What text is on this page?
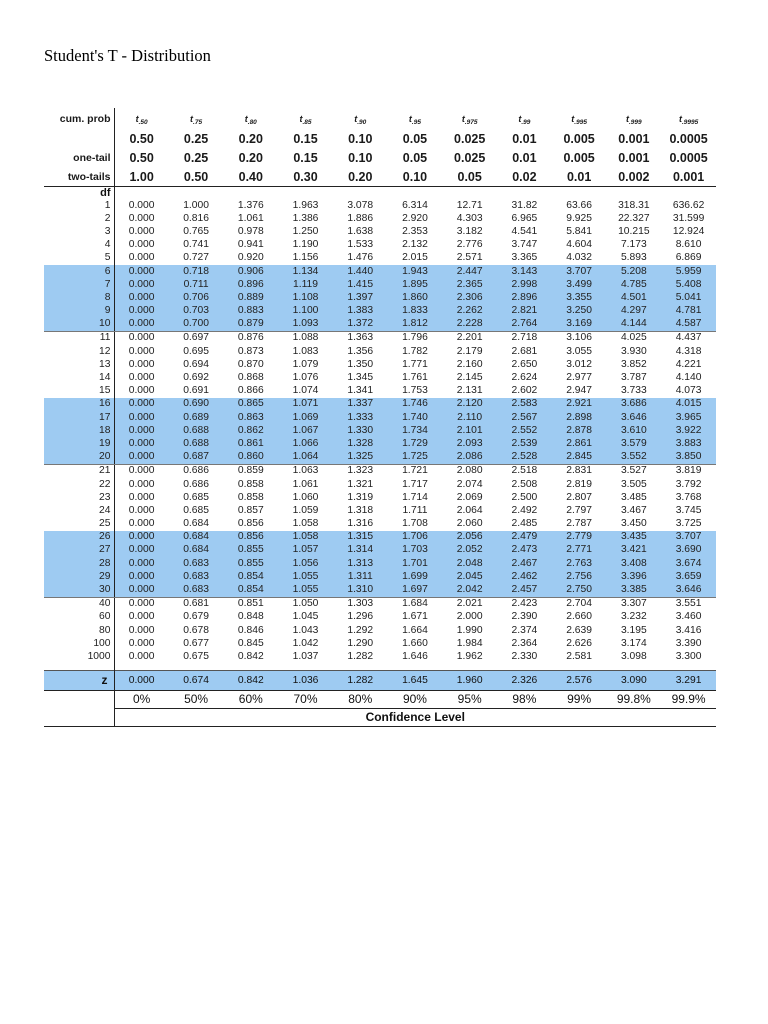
Student's T - Distribution
cum. prob	$t_{.50}$	$t_{.75}$	$t_{.80}$	$t_{.85}$	$t_{.90}$	$t_{.95}$	$t_{.975}$	$t_{.99}$	$t_{.995}$	$t_{.999}$	$t_{.9995}$
	0.50	0.25	0.20	0.15	0.10	0.05	0.025	0.01	0.005	0.001	0.0005
one-tail	0.50	0.25	0.20	0.15	0.10	0.05	0.025	0.01	0.005	0.001	0.0005
two-tails	1.00	0.50	0.40	0.30	0.20	0.10	0.05	0.02	0.01	0.002	0.001
df											
1	0.000	1.000	1.376	1.963	3.078	6.314	12.71	31.82	63.66	318.31	636.62
2	0.000	0.816	1.061	1.386	1.886	2.920	4.303	6.965	9.925	22.327	31.599
3	0.000	0.765	0.978	1.250	1.638	2.353	3.182	4.541	5.841	10.215	12.924
4	0.000	0.741	0.941	1.190	1.533	2.132	2.776	3.747	4.604	7.173	8.610
5	0.000	0.727	0.920	1.156	1.476	2.015	2.571	3.365	4.032	5.893	6.869
6	0.000	0.718	0.906	1.134	1.440	1.943	2.447	3.143	3.707	5.208	5.959
7	0.000	0.711	0.896	1.119	1.415	1.895	2.365	2.998	3.499	4.785	5.408
8	0.000	0.706	0.889	1.108	1.397	1.860	2.306	2.896	3.355	4.501	5.041
9	0.000	0.703	0.883	1.100	1.383	1.833	2.262	2.821	3.250	4.297	4.781
10	0.000	0.700	0.879	1.093	1.372	1.812	2.228	2.764	3.169	4.144	4.587
11	0.000	0.697	0.876	1.088	1.363	1.796	2.201	2.718	3.106	4.025	4.437
12	0.000	0.695	0.873	1.083	1.356	1.782	2.179	2.681	3.055	3.930	4.318
13	0.000	0.694	0.870	1.079	1.350	1.771	2.160	2.650	3.012	3.852	4.221
14	0.000	0.692	0.868	1.076	1.345	1.761	2.145	2.624	2.977	3.787	4.140
15	0.000	0.691	0.866	1.074	1.341	1.753	2.131	2.602	2.947	3.733	4.073
16	0.000	0.690	0.865	1.071	1.337	1.746	2.120	2.583	2.921	3.686	4.015
17	0.000	0.689	0.863	1.069	1.333	1.740	2.110	2.567	2.898	3.646	3.965
18	0.000	0.688	0.862	1.067	1.330	1.734	2.101	2.552	2.878	3.610	3.922
19	0.000	0.688	0.861	1.066	1.328	1.729	2.093	2.539	2.861	3.579	3.883
20	0.000	0.687	0.860	1.064	1.325	1.725	2.086	2.528	2.845	3.552	3.850
21	0.000	0.686	0.859	1.063	1.323	1.721	2.080	2.518	2.831	3.527	3.819
22	0.000	0.686	0.858	1.061	1.321	1.717	2.074	2.508	2.819	3.505	3.792
23	0.000	0.685	0.858	1.060	1.319	1.714	2.069	2.500	2.807	3.485	3.768
24	0.000	0.685	0.857	1.059	1.318	1.711	2.064	2.492	2.797	3.467	3.745
25	0.000	0.684	0.856	1.058	1.316	1.708	2.060	2.485	2.787	3.450	3.725
26	0.000	0.684	0.856	1.058	1.315	1.706	2.056	2.479	2.779	3.435	3.707
27	0.000	0.684	0.855	1.057	1.314	1.703	2.052	2.473	2.771	3.421	3.690
28	0.000	0.683	0.855	1.056	1.313	1.701	2.048	2.467	2.763	3.408	3.674
29	0.000	0.683	0.854	1.055	1.311	1.699	2.045	2.462	2.756	3.396	3.659
30	0.000	0.683	0.854	1.055	1.310	1.697	2.042	2.457	2.750	3.385	3.646
40	0.000	0.681	0.851	1.050	1.303	1.684	2.021	2.423	2.704	3.307	3.551
60	0.000	0.679	0.848	1.045	1.296	1.671	2.000	2.390	2.660	3.232	3.460
80	0.000	0.678	0.846	1.043	1.292	1.664	1.990	2.374	2.639	3.195	3.416
100	0.000	0.677	0.845	1.042	1.290	1.660	1.984	2.364	2.626	3.174	3.390
1000	0.000	0.675	0.842	1.037	1.282	1.646	1.962	2.330	2.581	3.098	3.300

z	0.000	0.674	0.842	1.036	1.282	1.645	1.960	2.326	2.576	3.090	3.291
	0%	50%	60%	70%	80%	90%	95%	98%	99%	99.8%	99.9%
	Confidence Level										
